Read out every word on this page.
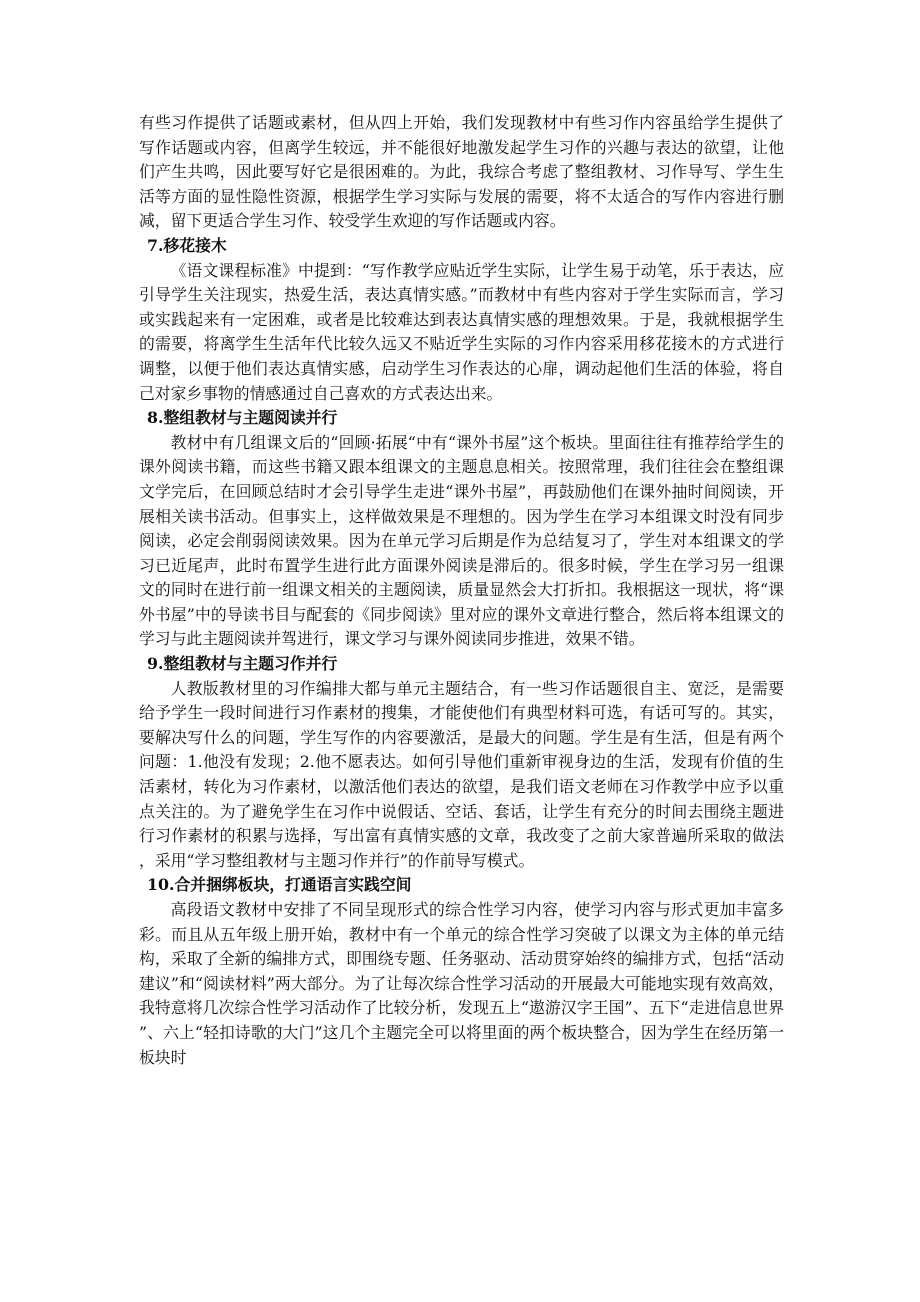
有些习作提供了话题或素材，但从四上开始，我们发现教材中有些习作内容虽给学生提供了写作话题或内容，但离学生较远，并不能很好地激发起学生习作的兴趣与表达的欲望，让他们产生共鸣，因此要写好它是很困难的。为此，我综合考虑了整组教材、习作导写、学生生活等方面的显性隐性资源，根据学生学习实际与发展的需要，将不太适合的写作内容进行删减，留下更适合学生习作、较受学生欢迎的写作话题或内容。

7.移花接木

《语文课程标准》中提到：“写作教学应贴近学生实际，让学生易于动笔，乐于表达，应引导学生关注现实，热爱生活，表达真情实感。”而教材中有些内容对于学生实际而言，学习或实践起来有一定困难，或者是比较难达到表达真情实感的理想效果。于是，我就根据学生的需要，将离学生生活年代比较久远又不贴近学生实际的习作内容采用移花接木的方式进行调整，以便于他们表达真情实感，启动学生习作表达的心扉，调动起他们生活的体验，将自己对家乡事物的情感通过自己喜欢的方式表达出来。

8.整组教材与主题阅读并行

教材中有几组课文后的“回顾·拓展“中有“课外书屋”这个板块。里面往往有推荐给学生的课外阅读书籍，而这些书籍又跟本组课文的主题息息相关。按照常理，我们往往会在整组课文学完后，在回顾总结时才会引导学生走进“课外书屋”，再鼓励他们在课外抽时间阅读，开展相关读书活动。但事实上，这样做效果是不理想的。因为学生在学习本组课文时没有同步阅读，必定会削弱阅读效果。因为在单元学习后期是作为总结复习了，学生对本组课文的学习已近尾声，此时布置学生进行此方面课外阅读是滞后的。很多时候，学生在学习另一组课文的同时在进行前一组课文相关的主题阅读，质量显然会大打折扣。我根据这一现状，将“课外书屋”中的导读书目与配套的《同步阅读》里对应的课外文章进行整合，然后将本组课文的学习与此主题阅读并驾进行，课文学习与课外阅读同步推进，效果不错。

9.整组教材与主题习作并行

人教版教材里的习作编排大都与单元主题结合，有一些习作话题很自主、宽泛，是需要给予学生一段时间进行习作素材的搜集，才能使他们有典型材料可选，有话可写的。其实，要解决写什么的问题，学生写作的内容要激活，是最大的问题。学生是有生活，但是有两个问题：1.他没有发现；2.他不愿表达。如何引导他们重新审视身边的生活，发现有价值的生活素材，转化为习作素材，以激活他们表达的欲望，是我们语文老师在习作教学中应予以重点关注的。为了避免学生在习作中说假话、空话、套话，让学生有充分的时间去围绕主题进行习作素材的积累与选择，写出富有真情实感的文章，我改变了之前大家普遍所采取的做法，采用“学习整组教材与主题习作并行”的作前导写模式。

10.合并捆绑板块，打通语言实践空间

高段语文教材中安排了不同呈现形式的综合性学习内容，使学习内容与形式更加丰富多彩。而且从五年级上册开始，教材中有一个单元的综合性学习突破了以课文为主体的单元结构，采取了全新的编排方式，即围绕专题、任务驱动、活动贯穿始终的编排方式，包括“活动建议”和“阅读材料”两大部分。为了让每次综合性学习活动的开展最大可能地实现有效高效，我特意将几次综合性学习活动作了比较分析，发现五上“遨游汉字王国”、五下“走进信息世界”、六上“轻扣诗歌的大门”这几个主题完全可以将里面的两个板块整合，因为学生在经历第一板块时
